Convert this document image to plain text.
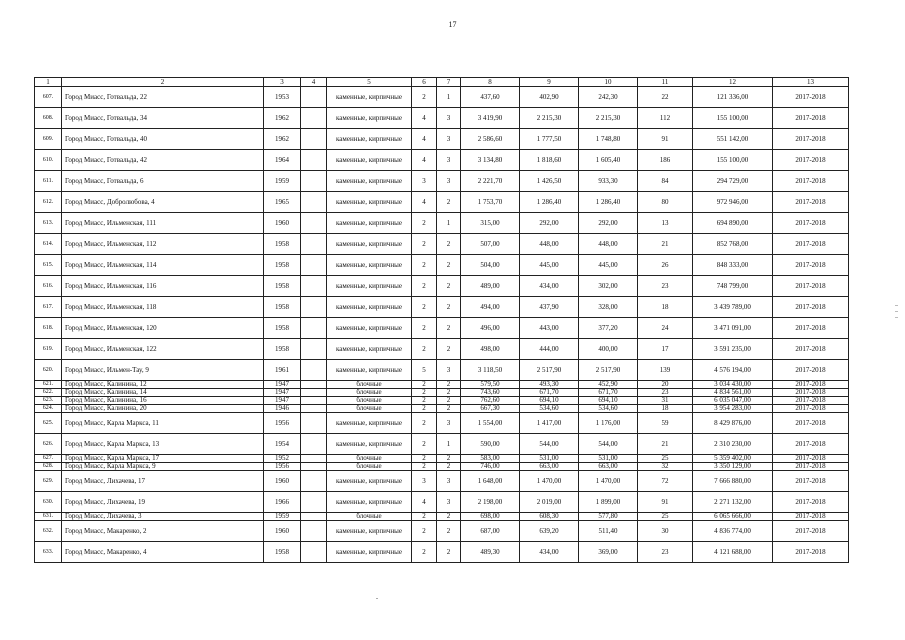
17
1	2	3	4	5	6	7	8	9	10	11	12	13
607.	Город Миасс, Готвальда, 22	1953		каменные, кирпичные	2	1	437,60	402,90	242,30	22	121 336,00	2017-2018
608.	Город Миасс, Готвальда, 34	1962		каменные, кирпичные	4	3	3 419,90	2 215,30	2 215,30	112	155 100,00	2017-2018
609.	Город Миасс, Готвальда, 40	1962		каменные, кирпичные	4	3	2 586,60	1 777,50	1 748,80	91	551 142,00	2017-2018
610.	Город Миасс, Готвальда, 42	1964		каменные, кирпичные	4	3	3 134,80	1 818,60	1 605,40	186	155 100,00	2017-2018
611.	Город Миасс, Готвальда, 6	1959		каменные, кирпичные	3	3	2 221,70	1 426,50	933,30	84	294 729,00	2017-2018
612.	Город Миасс, Добролюбова, 4	1965		каменные, кирпичные	4	2	1 753,70	1 286,40	1 286,40	80	972 946,00	2017-2018
613.	Город Миасс, Ильменская, 111	1960		каменные, кирпичные	2	1	315,00	292,00	292,00	13	694 890,00	2017-2018
614.	Город Миасс, Ильменская, 112	1958		каменные, кирпичные	2	2	507,00	448,00	448,00	21	852 768,00	2017-2018
615.	Город Миасс, Ильменская, 114	1958		каменные, кирпичные	2	2	504,00	445,00	445,00	26	848 333,00	2017-2018
616.	Город Миасс, Ильменская, 116	1958		каменные, кирпичные	2	2	489,00	434,00	302,00	23	748 799,00	2017-2018
617.	Город Миасс, Ильменская, 118	1958		каменные, кирпичные	2	2	494,00	437,90	328,00	18	3 439 789,00	2017-2018
618.	Город Миасс, Ильменская, 120	1958		каменные, кирпичные	2	2	496,00	443,00	377,20	24	3 471 091,00	2017-2018
619.	Город Миасс, Ильменская, 122	1958		каменные, кирпичные	2	2	498,00	444,00	400,00	17	3 591 235,00	2017-2018
620.	Город Миасс, Ильмен-Тау, 9	1961		каменные, кирпичные	5	3	3 118,50	2 517,90	2 517,90	139	4 576 194,00	2017-2018
621.	Город Миасс, Калинина, 12	1947		блочные	2	2	579,50	493,30	452,90	20	3 034 430,00	2017-2018
622.	Город Миасс, Калинина, 14	1947		блочные	2	2	743,60	671,70	671,70	23	4 834 561,00	2017-2018
623.	Город Миасс, Калинина, 16	1947		блочные	2	2	762,60	694,10	694,10	31	6 035 047,00	2017-2018
624.	Город Миасс, Калинина, 20	1946		блочные	2	2	667,30	534,60	534,60	18	3 954 283,00	2017-2018
625.	Город Миасс, Карла Маркса, 11	1956		каменные, кирпичные	2	3	1 554,00	1 417,00	1 176,00	59	8 429 876,00	2017-2018
626.	Город Миасс, Карла Маркса, 13	1954		каменные, кирпичные	2	1	590,00	544,00	544,00	21	2 310 230,00	2017-2018
627.	Город Миасс, Карла Маркса, 17	1952		блочные	2	2	583,00	531,00	531,00	25	5 359 402,00	2017-2018
628.	Город Миасс, Карла Маркса, 9	1956		блочные	2	2	746,00	663,00	663,00	32	3 350 129,00	2017-2018
629.	Город Миасс, Лихачева, 17	1960		каменные, кирпичные	3	3	1 648,00	1 470,00	1 470,00	72	7 666 880,00	2017-2018
630.	Город Миасс, Лихачева, 19	1966		каменные, кирпичные	4	3	2 198,00	2 019,00	1 899,00	91	2 271 132,00	2017-2018
631.	Город Миасс, Лихачева, 3	1959		блочные	2	2	698,00	608,30	577,80	25	6 065 666,00	2017-2018
632.	Город Миасс, Макаренко, 2	1960		каменные, кирпичные	2	2	687,00	639,20	511,40	30	4 836 774,00	2017-2018
633.	Город Миасс, Макаренко, 4	1958		каменные, кирпичные	2	2	489,30	434,00	369,00	23	4 121 688,00	2017-2018
